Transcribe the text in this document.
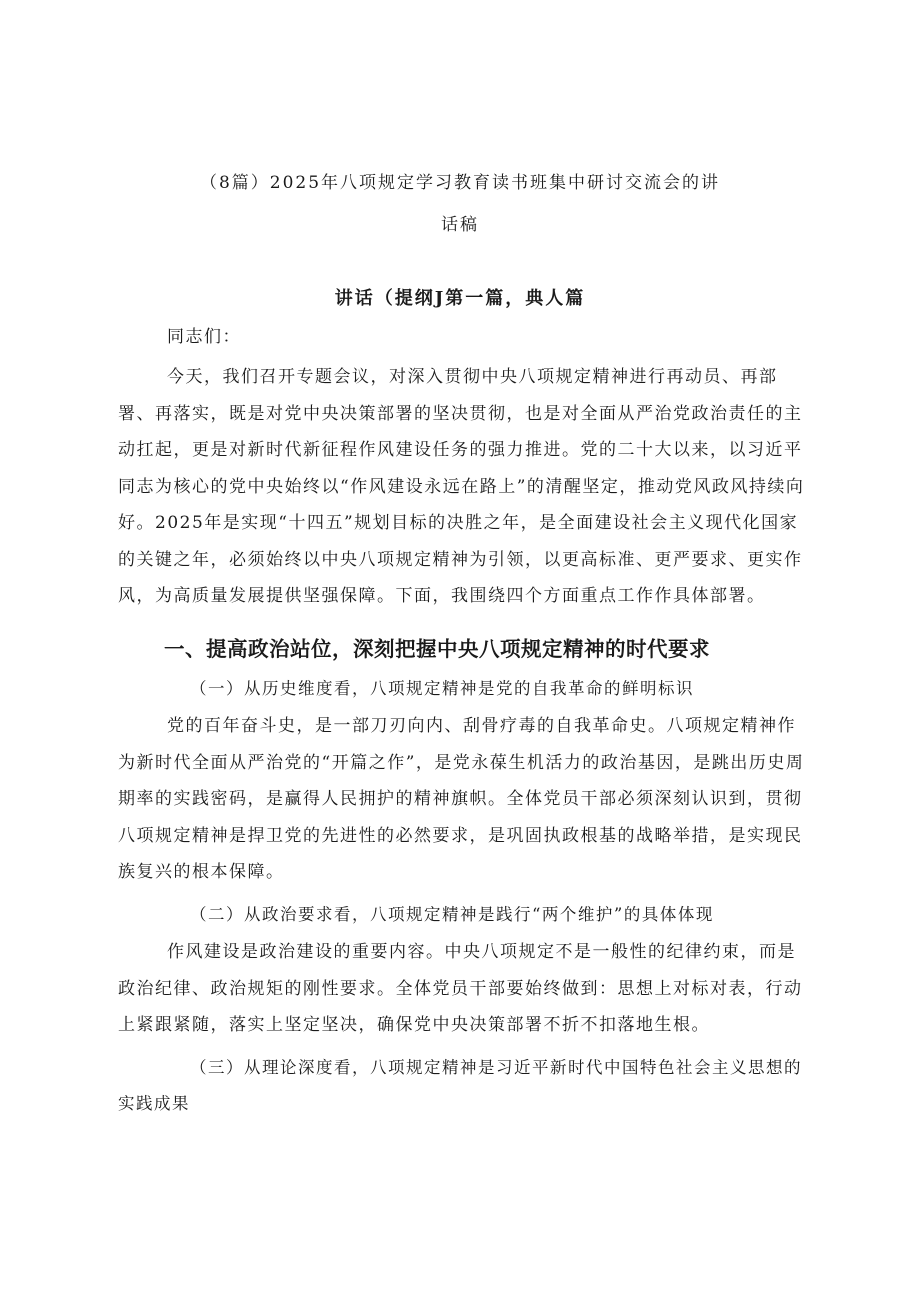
（8篇）2025年八项规定学习教育读书班集中研讨交流会的讲
话稿
讲话（提纲J第一篇，典人篇

同志们：

今天，我们召开专题会议，对深入贯彻中央八项规定精神进行再动员、再部署、再落实，既是对党中央决策部署的坚决贯彻，也是对全面从严治党政治责任的主动扛起，更是对新时代新征程作风建设任务的强力推进。党的二十大以来，以习近平同志为核心的党中央始终以“作风建设永远在路上”的清醒坚定，推动党风政风持续向好。2025年是实现“十四五”规划目标的决胜之年，是全面建设社会主义现代化国家的关键之年，必须始终以中央八项规定精神为引领，以更高标准、更严要求、更实作风，为高质量发展提供坚强保障。下面，我围绕四个方面重点工作作具体部署。

一、提高政治站位，深刻把握中央八项规定精神的时代要求

（一）从历史维度看，八项规定精神是党的自我革命的鲜明标识

党的百年奋斗史，是一部刀刃向内、刮骨疗毒的自我革命史。八项规定精神作为新时代全面从严治党的“开篇之作”，是党永葆生机活力的政治基因，是跳出历史周期率的实践密码，是赢得人民拥护的精神旗帜。全体党员干部必须深刻认识到，贯彻八项规定精神是捍卫党的先进性的必然要求，是巩固执政根基的战略举措，是实现民族复兴的根本保障。

（二）从政治要求看，八项规定精神是践行“两个维护”的具体体现

作风建设是政治建设的重要内容。中央八项规定不是一般性的纪律约束，而是政治纪律、政治规矩的刚性要求。全体党员干部要始终做到：思想上对标对表，行动上紧跟紧随，落实上坚定坚决，确保党中央决策部署不折不扣落地生根。

（三）从理论深度看，八项规定精神是习近平新时代中国特色社会主义思想的实践成果
